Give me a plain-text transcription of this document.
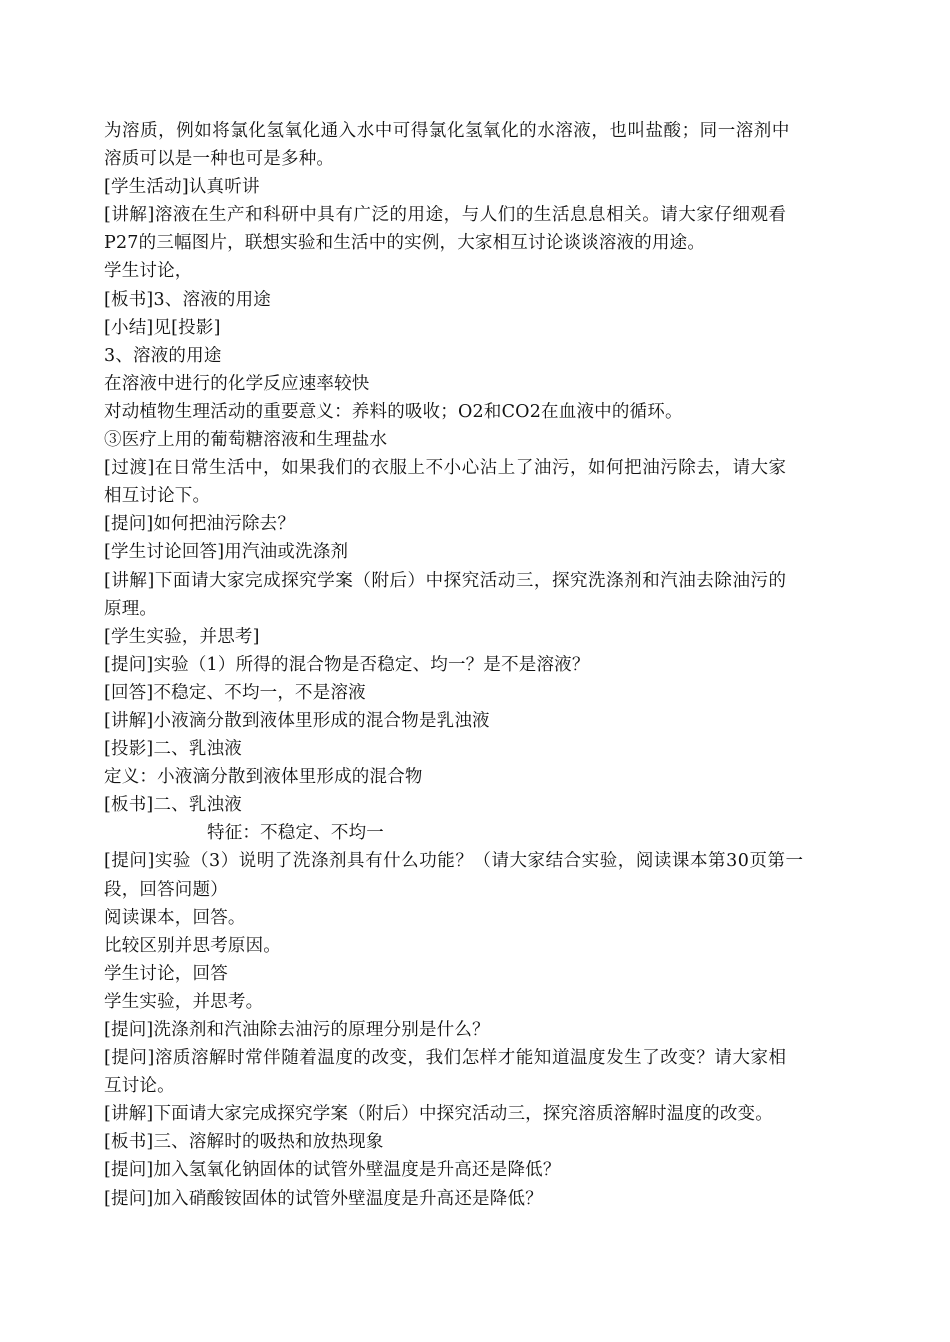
为溶质，例如将氯化氢氧化通入水中可得氯化氢氧化的水溶液，也叫盐酸；同一溶剂中
溶质可以是一种也可是多种。
[学生活动]认真听讲
[讲解]溶液在生产和科研中具有广泛的用途，与人们的生活息息相关。请大家仔细观看
P27的三幅图片，联想实验和生活中的实例，大家相互讨论谈谈溶液的用途。
学生讨论，
[板书]3、溶液的用途
[小结]见[投影]
3、溶液的用途
在溶液中进行的化学反应速率较快
对动植物生理活动的重要意义：养料的吸收；O2和CO2在血液中的循环。
③医疗上用的葡萄糖溶液和生理盐水
[过渡]在日常生活中，如果我们的衣服上不小心沾上了油污，如何把油污除去，请大家
相互讨论下。
[提问]如何把油污除去？
[学生讨论回答]用汽油或洗涤剂
[讲解]下面请大家完成探究学案（附后）中探究活动三，探究洗涤剂和汽油去除油污的
原理。
[学生实验，并思考]
[提问]实验（1）所得的混合物是否稳定、均一？是不是溶液？
[回答]不稳定、不均一，不是溶液
[讲解]小液滴分散到液体里形成的混合物是乳浊液
[投影]二、乳浊液
定义：小液滴分散到液体里形成的混合物
[板书]二、乳浊液
特征：不稳定、不均一
[提问]实验（3）说明了洗涤剂具有什么功能？（请大家结合实验，阅读课本第30页第一
段，回答问题）
阅读课本，回答。
比较区别并思考原因。
学生讨论，回答
学生实验，并思考。
[提问]洗涤剂和汽油除去油污的原理分别是什么？
[提问]溶质溶解时常伴随着温度的改变，我们怎样才能知道温度发生了改变？请大家相
互讨论。
[讲解]下面请大家完成探究学案（附后）中探究活动三，探究溶质溶解时温度的改变。
[板书]三、溶解时的吸热和放热现象
[提问]加入氢氧化钠固体的试管外壁温度是升高还是降低？
[提问]加入硝酸铵固体的试管外壁温度是升高还是降低？
